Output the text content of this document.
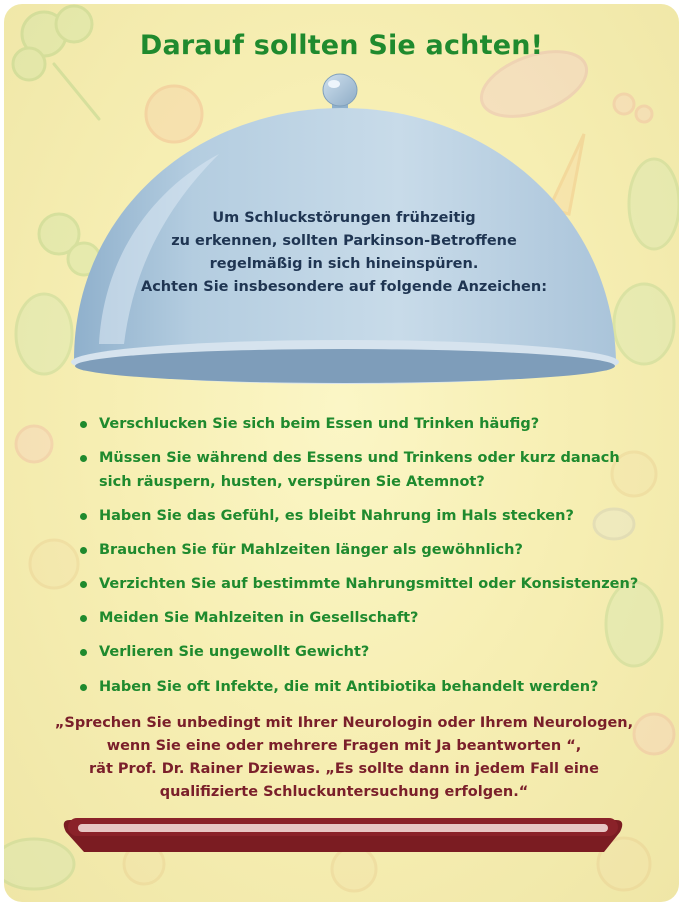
Darauf sollten Sie achten!
Um Schluckstörungen frühzeitig
zu erkennen, sollten Parkinson-Betroffene
regelmäßig in sich hineinspüren.
Achten Sie insbesondere auf folgende Anzeichen:
Verschlucken Sie sich beim Essen und Trinken häufig?
Müssen Sie während des Essens und Trinkens oder kurz danach
sich räuspern, husten, verspüren Sie Atemnot?
Haben Sie das Gefühl, es bleibt Nahrung im Hals stecken?
Brauchen Sie für Mahlzeiten länger als gewöhnlich?
Verzichten Sie auf bestimmte Nahrungsmittel oder Konsistenzen?
Meiden Sie Mahlzeiten in Gesellschaft?
Verlieren Sie ungewollt Gewicht?
Haben Sie oft Infekte, die mit Antibiotika behandelt werden?
„Sprechen Sie unbedingt mit Ihrer Neurologin oder Ihrem Neurologen,
wenn Sie eine oder mehrere Fragen mit Ja beantworten “,
rät Prof. Dr. Rainer Dziewas. „Es sollte dann in jedem Fall eine
qualifizierte Schluckuntersuchung erfolgen.“
